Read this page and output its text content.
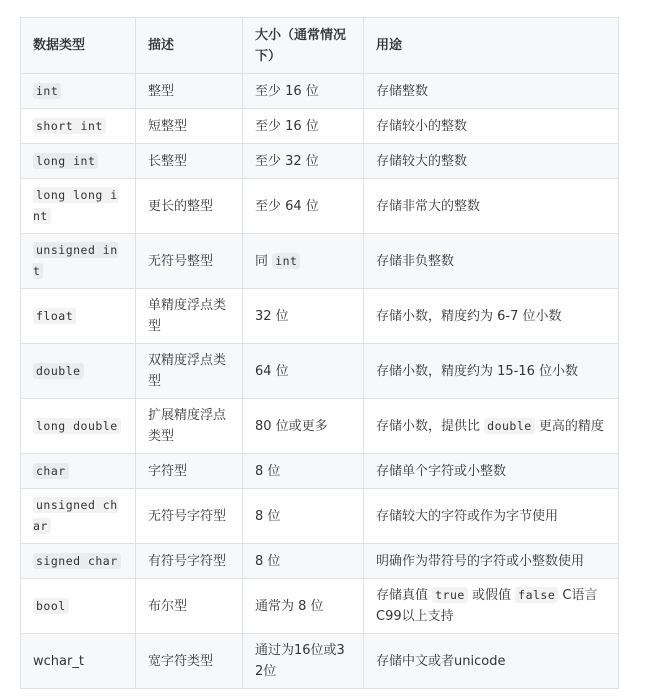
数据类型	描述	大小（通常情况下）	用途
int	整型	至少 16 位	存储整数
short int	短整型	至少 16 位	存储较小的整数
long int	长整型	至少 32 位	存储较大的整数
long long int	更长的整型	至少 64 位	存储非常大的整数
unsigned int	无符号整型	同 int	存储非负整数
float	单精度浮点类型	32 位	存储小数，精度约为 6-7 位小数
double	双精度浮点类型	64 位	存储小数，精度约为 15-16 位小数
long double	扩展精度浮点类型	80 位或更多	存储小数，提供比 double 更高的精度
char	字符型	8 位	存储单个字符或小整数
unsigned char	无符号字符型	8 位	存储较大的字符或作为字节使用
signed char	有符号字符型	8 位	明确作为带符号的字符或小整数使用
bool	布尔型	通常为 8 位	存储真值 true 或假值 false C语言C99以上支持
wchar_t	宽字符类型	通过为16位或32位	存储中文或者unicode
